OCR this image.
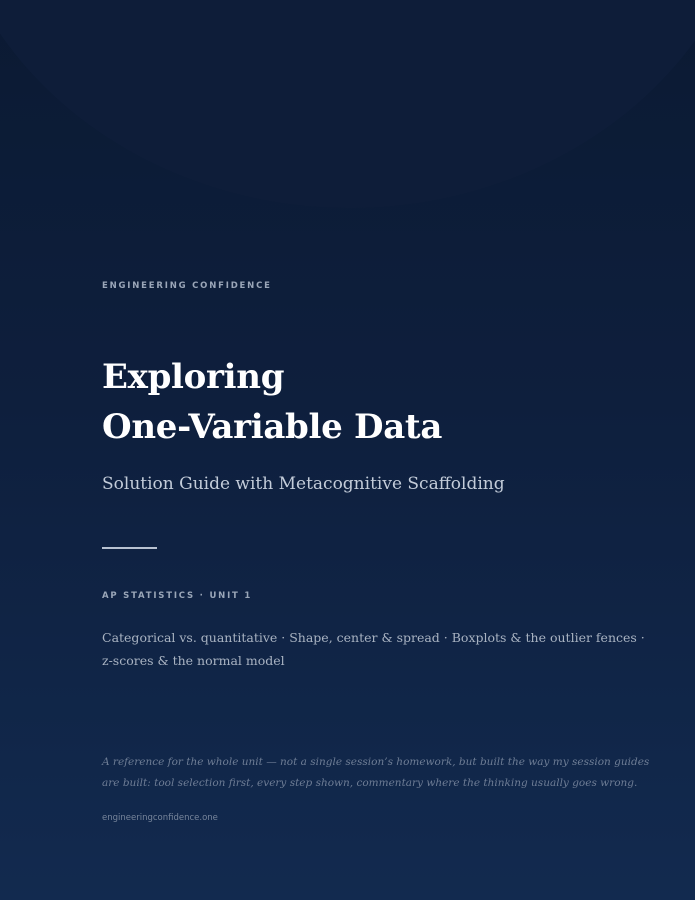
ENGINEERING CONFIDENCE
Exploring
One-Variable Data
Solution Guide with Metacognitive Scaffolding
AP STATISTICS · UNIT 1
Categorical vs. quantitative · Shape, center & spread · Boxplots & the outlier fences ·
z-scores & the normal model
A reference for the whole unit — not a single session’s homework, but built the way my session guides
are built: tool selection first, every step shown, commentary where the thinking usually goes wrong.
engineeringconfidence.one
